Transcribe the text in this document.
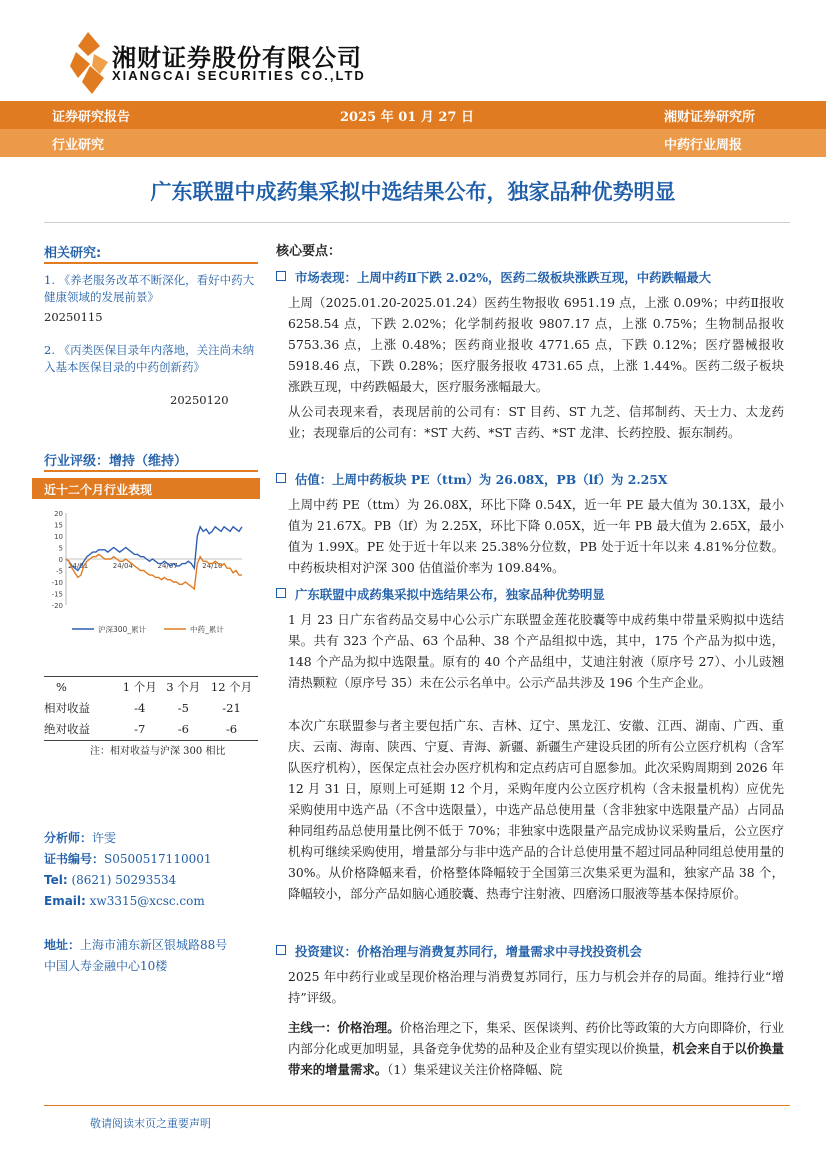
湘财证券股份有限公司
XIANGCAI SECURITIES CO.,LTD
证券研究报告	2025 年 01 月 27 日	湘财证券研究所
行业研究	中药行业周报
广东联盟中成药集采拟中选结果公布，独家品种优势明显
相关研究:
1. 《养老服务改革不断深化，看好中药大健康领域的发展前景》
20250115
2. 《丙类医保目录年内落地，关注尚未纳入基本医保目录的中药创新药》
20250120
行业评级：增持（维持）
近十二个月行业表现
20
15
10
5
0
-5
-10
-15
-20
24/01	24/04	24/07	24/10
沪深300_累计	中药_累计
%	1 个月	3 个月	12 个月
相对收益	-4	-5	-21
绝对收益	-7	-6	-6
注：相对收益与沪深 300 相比
分析师：许雯
证书编号：S0500517110001
Tel: (8621) 50293534
Email: xw3315@xcsc.com
地址：上海市浦东新区银城路88号
中国人寿金融中心10楼
核心要点：
市场表现：上周中药Ⅱ下跌 2.02%，医药二级板块涨跌互现，中药跌幅最大
上周（2025.01.20-2025.01.24）医药生物报收 6951.19 点，上涨 0.09%；中药Ⅱ报收 6258.54 点，下跌 2.02%；化学制药报收 9807.17 点，上涨 0.75%；生物制品报收 5753.36 点，上涨 0.48%；医药商业报收 4771.65 点，下跌 0.12%；医疗器械报收 5918.46 点，下跌 0.28%；医疗服务报收 4731.65 点，上涨 1.44%。医药二级子板块涨跌互现，中药跌幅最大，医疗服务涨幅最大。
从公司表现来看，表现居前的公司有：ST 目药、ST 九芝、信邦制药、天士力、太龙药业；表现靠后的公司有：*ST 大药、*ST 吉药、*ST 龙津、长药控股、振东制药。
估值：上周中药板块 PE（ttm）为 26.08X，PB（lf）为 2.25X
上周中药 PE（ttm）为 26.08X，环比下降 0.54X，近一年 PE 最大值为 30.13X，最小值为 21.67X。PB（lf）为 2.25X，环比下降 0.05X，近一年 PB 最大值为 2.65X，最小值为 1.99X。PE 处于近十年以来 25.38%分位数，PB 处于近十年以来 4.81%分位数。中药板块相对沪深 300 估值溢价率为 109.84%。
广东联盟中成药集采拟中选结果公布，独家品种优势明显
1 月 23 日广东省药品交易中心公示广东联盟金莲花胶囊等中成药集中带量采购拟中选结果。共有 323 个产品、63 个品种、38 个产品组拟中选，其中，175 个产品为拟中选，148 个产品为拟中选限量。原有的 40 个产品组中，艾迪注射液（原序号 27）、小儿豉翘清热颗粒（原序号 35）未在公示名单中。公示产品共涉及 196 个生产企业。
本次广东联盟参与者主要包括广东、吉林、辽宁、黑龙江、安徽、江西、湖南、广西、重庆、云南、海南、陕西、宁夏、青海、新疆、新疆生产建设兵团的所有公立医疗机构（含军队医疗机构），医保定点社会办医疗机构和定点药店可自愿参加。此次采购周期到 2026 年 12 月 31 日，原则上可延期 12 个月，采购年度内公立医疗机构（含未报量机构）应优先采购使用中选产品（不含中选限量），中选产品总使用量（含非独家中选限量产品）占同品种同组药品总使用量比例不低于 70%；非独家中选限量产品完成协议采购量后，公立医疗机构可继续采购使用，增量部分与非中选产品的合计总使用量不超过同品种同组总使用量的 30%。从价格降幅来看，价格整体降幅较于全国第三次集采更为温和，独家产品 38 个，降幅较小，部分产品如脑心通胶囊、热毒宁注射液、四磨汤口服液等基本保持原价。
投资建议：价格治理与消费复苏同行，增量需求中寻找投资机会
2025 年中药行业或呈现价格治理与消费复苏同行，压力与机会并存的局面。维持行业“增持”评级。
主线一：价格治理。价格治理之下，集采、医保谈判、药价比等政策的大方向即降价，行业内部分化或更加明显，具备竞争优势的品种及企业有望实现以价换量，机会来自于以价换量带来的增量需求。（1）集采建议关注价格降幅、院
敬请阅读末页之重要声明
